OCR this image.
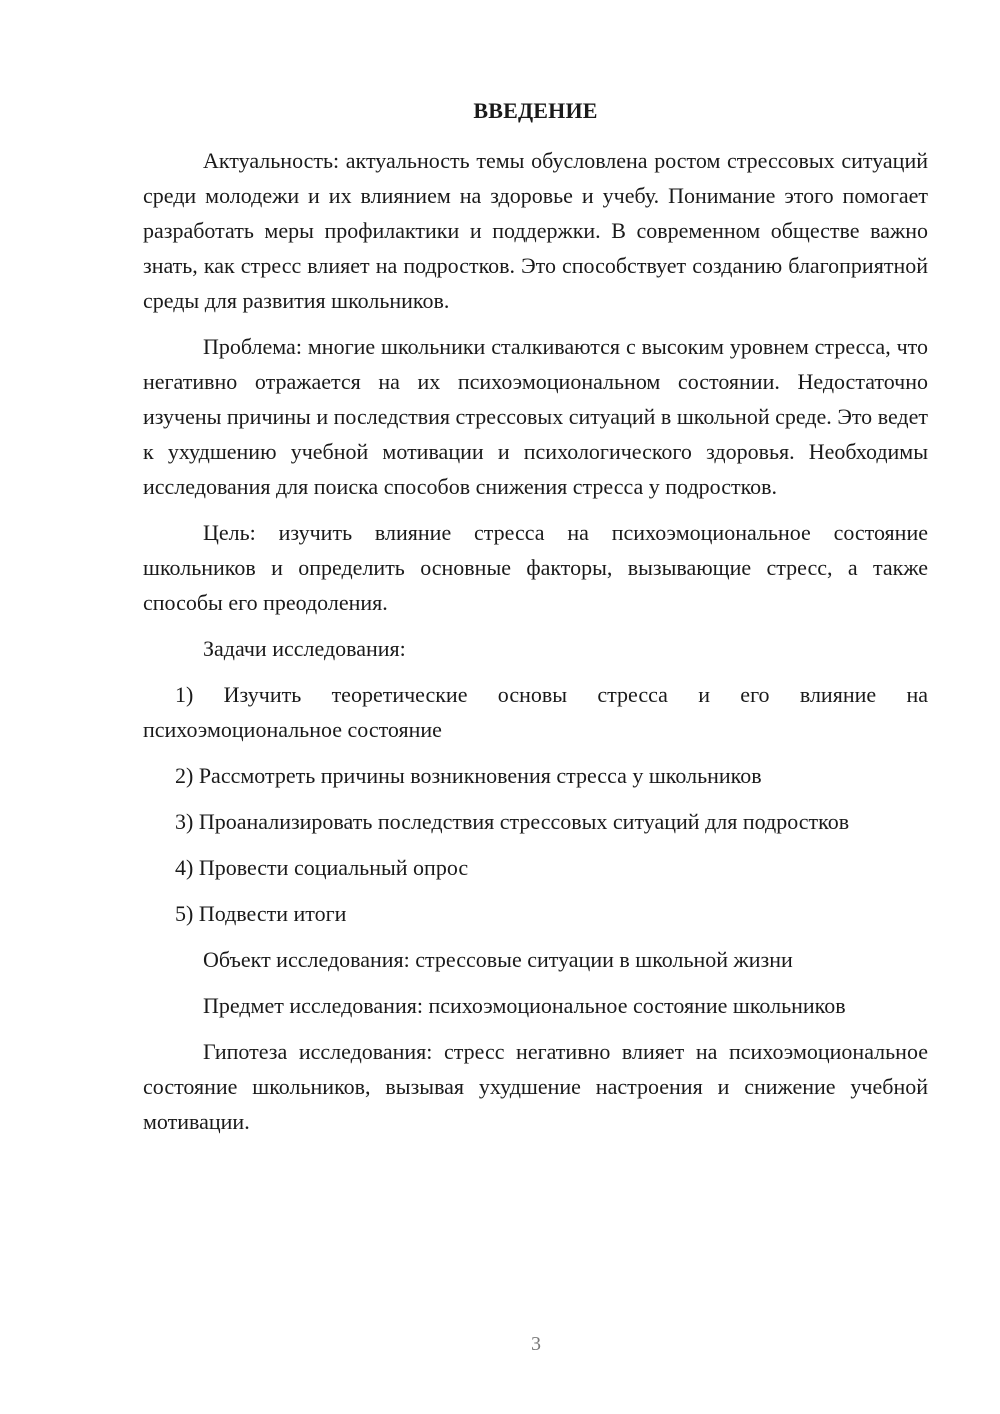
ВВЕДЕНИЕ

Актуальность: актуальность темы обусловлена ростом стрессовых ситуаций среди молодежи и их влиянием на здоровье и учебу. Понимание этого помогает разработать меры профилактики и поддержки. В современном обществе важно знать, как стресс влияет на подростков. Это способствует созданию благоприятной среды для развития школьников.

Проблема: многие школьники сталкиваются с высоким уровнем стресса, что негативно отражается на их психоэмоциональном состоянии. Недостаточно изучены причины и последствия стрессовых ситуаций в школьной среде. Это ведет к ухудшению учебной мотивации и психологического здоровья. Необходимы исследования для поиска способов снижения стресса у подростков.

Цель: изучить влияние стресса на психоэмоциональное состояние школьников и определить основные факторы, вызывающие стресс, а также способы его преодоления.

Задачи исследования:

1) Изучить теоретические основы стресса и его влияние на психоэмоциональное состояние

2) Рассмотреть причины возникновения стресса у школьников

3) Проанализировать последствия стрессовых ситуаций для подростков

4) Провести социальный опрос

5) Подвести итоги

Объект исследования: стрессовые ситуации в школьной жизни

Предмет исследования: психоэмоциональное состояние школьников

Гипотеза исследования: стресс негативно влияет на психоэмоциональное состояние школьников, вызывая ухудшение настроения и снижение учебной мотивации.

3
